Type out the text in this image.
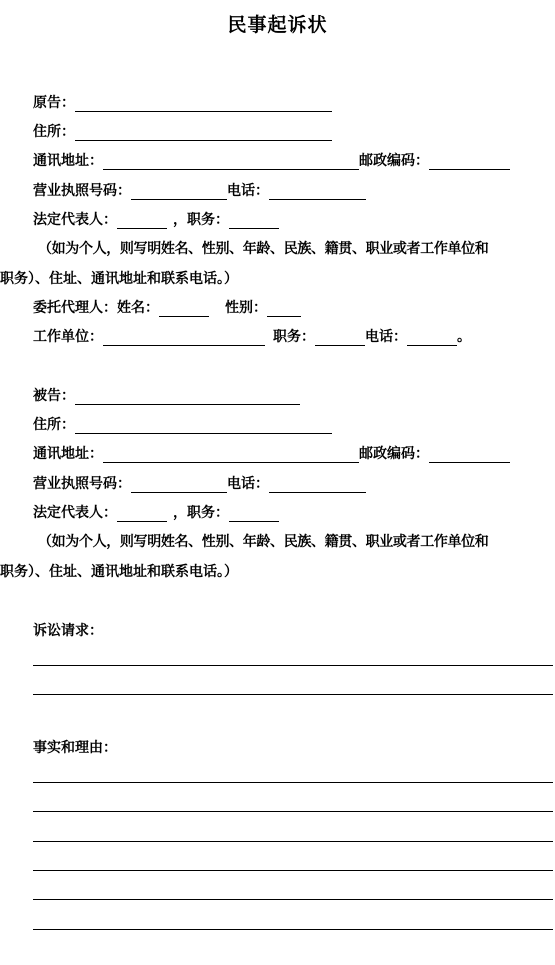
民事起诉状
原告：
住所：
通讯地址：	邮政编码：
营业执照号码：	电话：
法定代表人：	，职务：
（如为个人，则写明姓名、性别、年龄、民族、籍贯、职业或者工作单位和
职务）、住址、通讯地址和联系电话。）
委托代理人：姓名：	性别：
工作单位：	职务：	电话：	。
被告：
住所：
通讯地址：	邮政编码：
营业执照号码：	电话：
法定代表人：	，职务：
（如为个人，则写明姓名、性别、年龄、民族、籍贯、职业或者工作单位和
职务）、住址、通讯地址和联系电话。）
诉讼请求：
事实和理由：
